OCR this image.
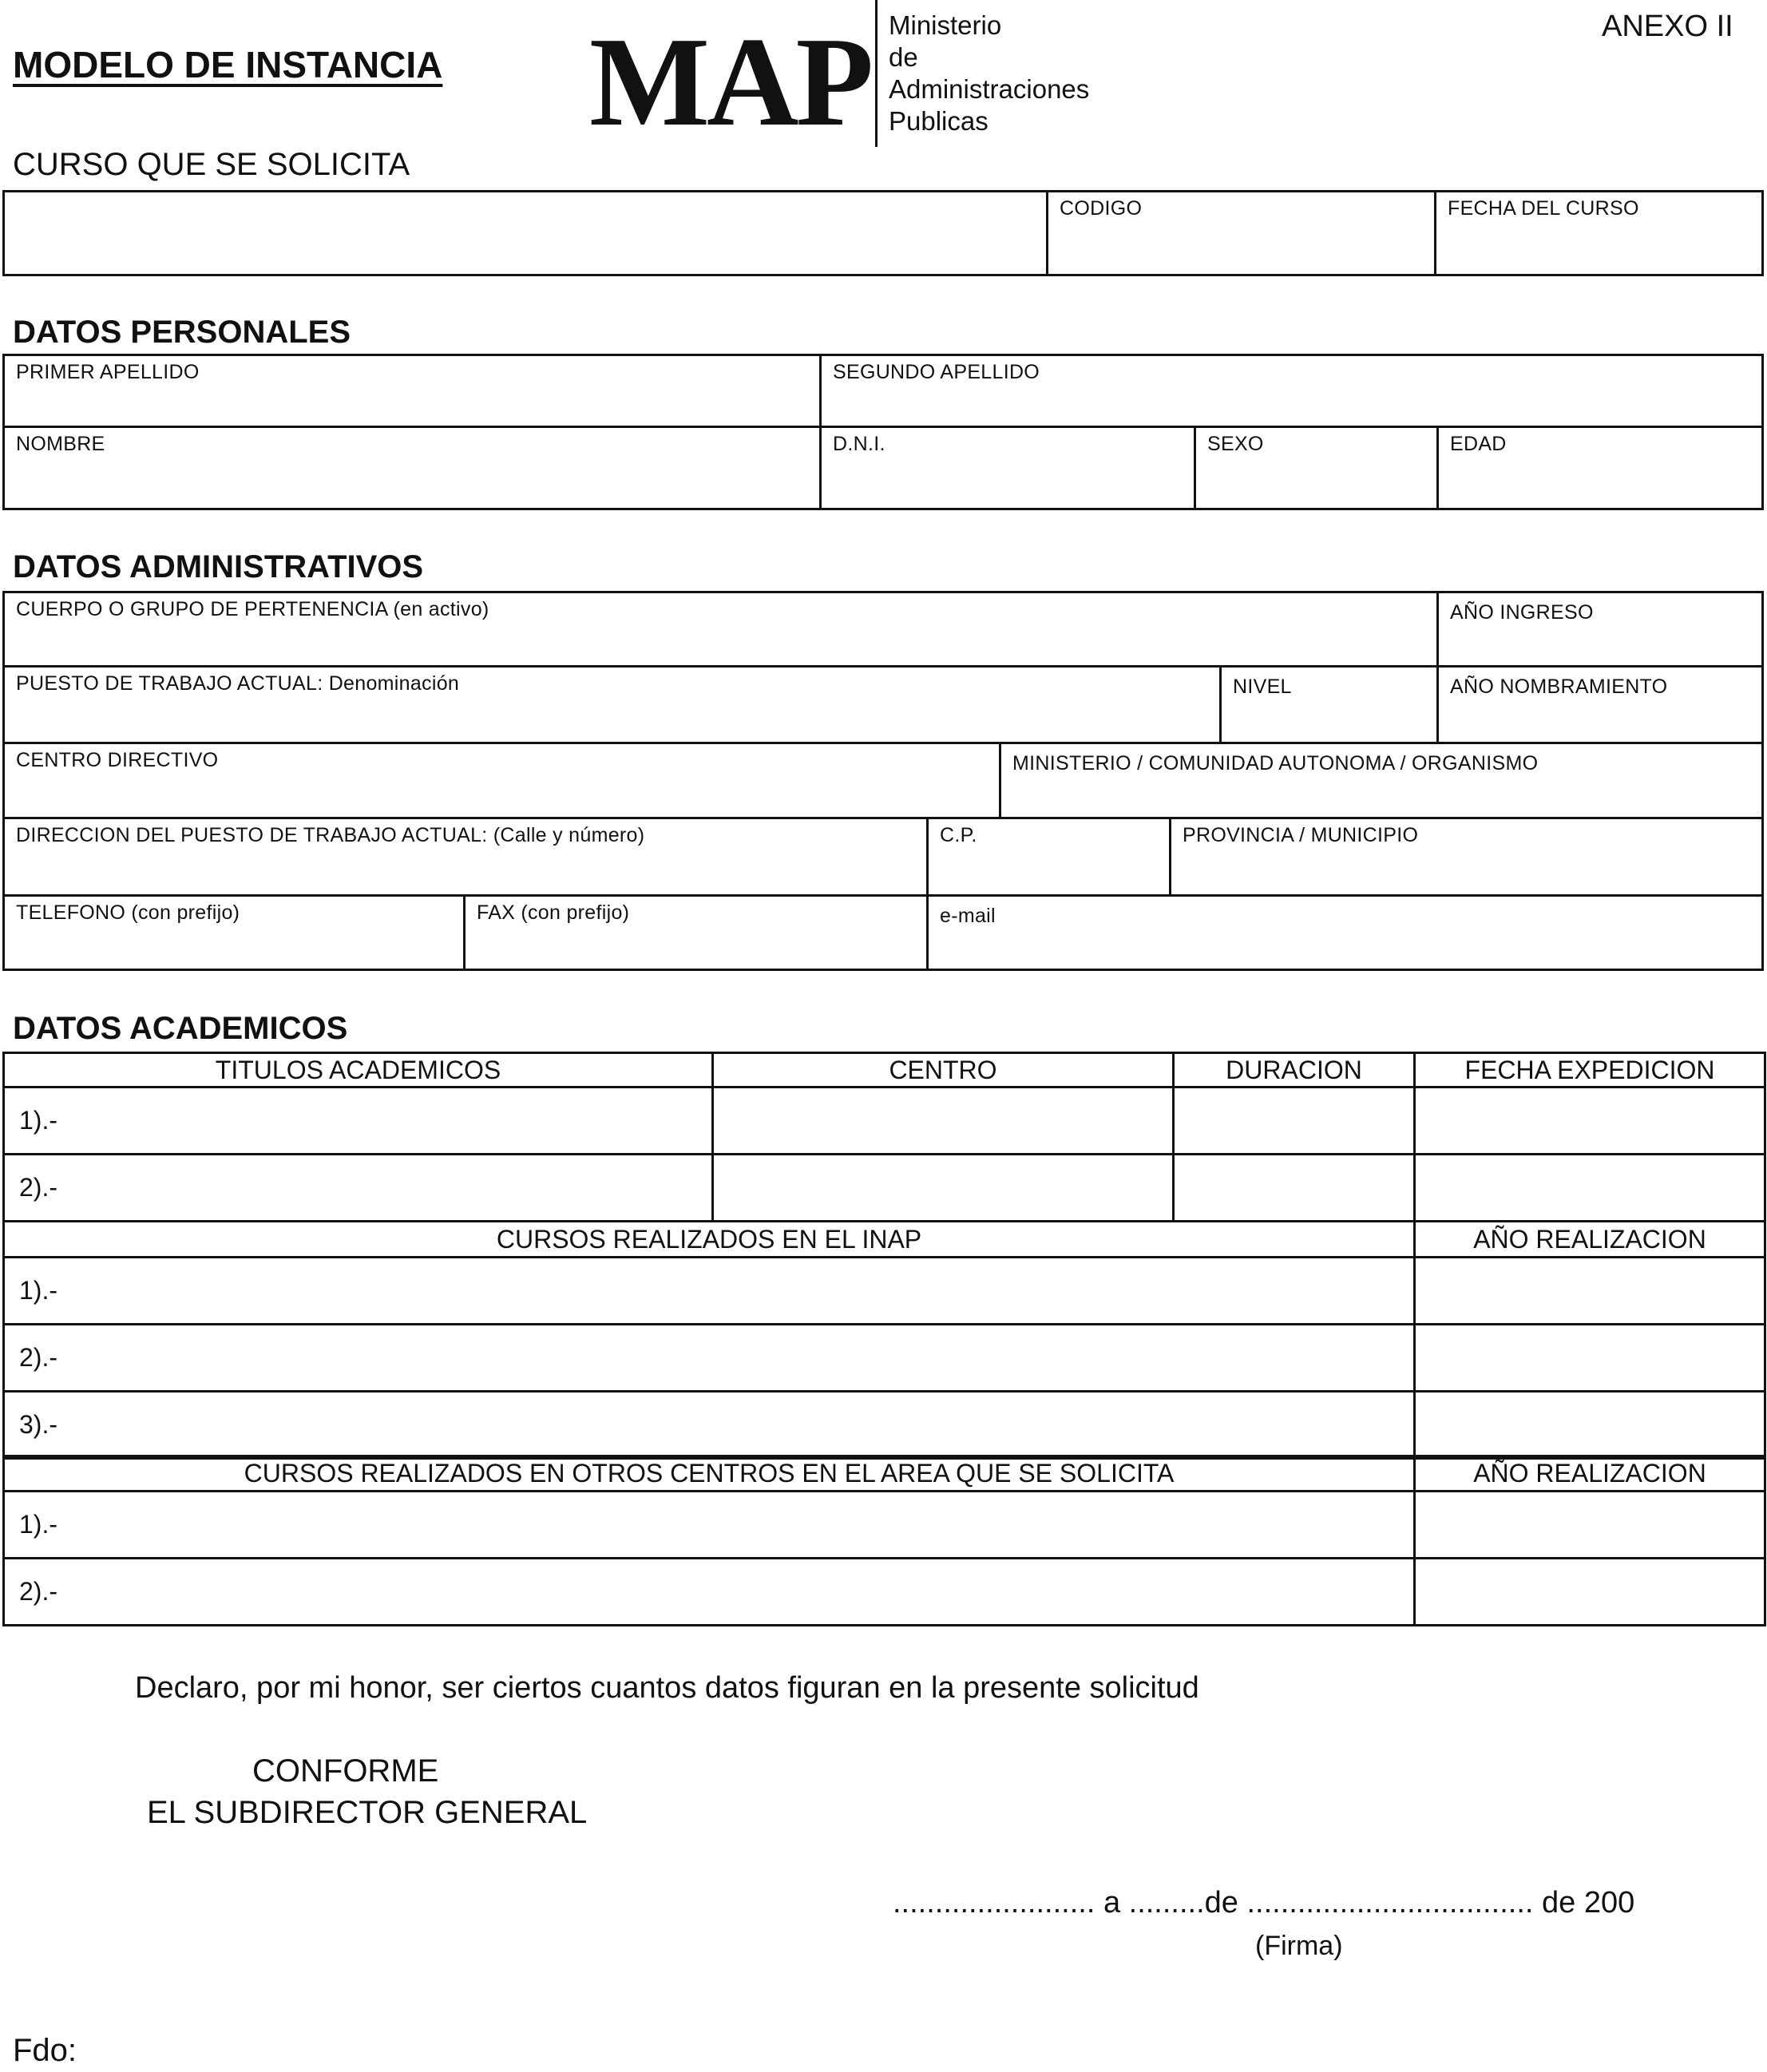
MODELO DE INSTANCIA MAP Ministerio
de
Administraciones
Publicas
ANEXO II
CURSO QUE SE SOLICITA
CODIGO	FECHA DEL CURSO
DATOS PERSONALES
PRIMER APELLIDO	SEGUNDO APELLIDO
NOMBRE	D.N.I.	SEXO	EDAD
DATOS ADMINISTRATIVOS
CUERPO O GRUPO DE PERTENENCIA (en activo)	AÑO INGRESO
PUESTO DE TRABAJO ACTUAL: Denominación	NIVEL	AÑO NOMBRAMIENTO
CENTRO DIRECTIVO	MINISTERIO / COMUNIDAD AUTONOMA / ORGANISMO
DIRECCION DEL PUESTO DE TRABAJO ACTUAL: (Calle y número)	C.P.	PROVINCIA / MUNICIPIO
TELEFONO (con prefijo)	FAX (con prefijo)	e-mail
DATOS ACADEMICOS
TITULOS ACADEMICOS	CENTRO	DURACION	FECHA EXPEDICION
1).-			
2).-			
CURSOS REALIZADOS EN EL INAP	AÑO REALIZACION
1).-	
2).-	
3).-	
CURSOS REALIZADOS EN OTROS CENTROS EN EL AREA QUE SE SOLICITA	AÑO REALIZACION
1).-	
2).-	
Declaro, por mi honor, ser ciertos cuantos datos figuran en la presente solicitud
CONFORME
EL SUBDIRECTOR GENERAL
........................ a .........de .................................. de 200
(Firma)
Fdo:
